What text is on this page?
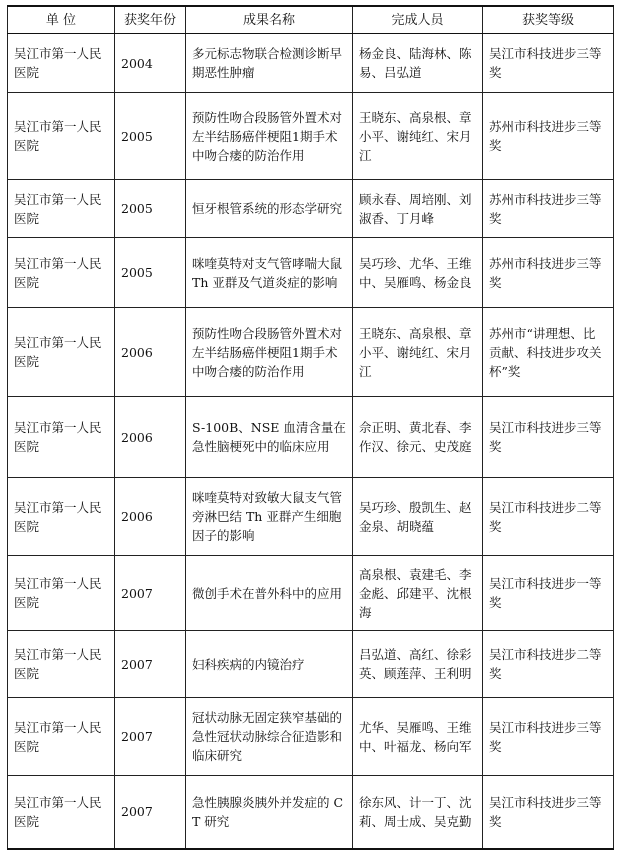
单 位	获奖年份	成果名称	完成人员	获奖等级
吴江市第一人民医院	2004	多元标志物联合检测诊断早期恶性肿瘤	杨金良、陆海林、陈易、吕弘道	吴江市科技进步三等奖
吴江市第一人民医院	2005	预防性吻合段肠管外置术对左半结肠癌伴梗阻1期手术中吻合瘘的防治作用	王晓东、高泉根、章小平、谢纯红、宋月江	苏州市科技进步三等奖
吴江市第一人民医院	2005	恒牙根管系统的形态学研究	顾永春、周培刚、刘淑香、丁月峰	苏州市科技进步三等奖
吴江市第一人民医院	2005	咪喹莫特对支气管哮喘大鼠 Th 亚群及气道炎症的影响	吴巧珍、尤华、王维中、吴雁鸣、杨金良	苏州市科技进步三等奖
吴江市第一人民医院	2006	预防性吻合段肠管外置术对左半结肠癌伴梗阻1期手术中吻合瘘的防治作用	王晓东、高泉根、章小平、谢纯红、宋月江	苏州市“讲理想、比贡献、科技进步攻关杯”奖
吴江市第一人民医院	2006	S-100B、NSE 血清含量在急性脑梗死中的临床应用	佘正明、黄北春、李作汉、徐元、史茂庭	吴江市科技进步三等奖
吴江市第一人民医院	2006	咪喹莫特对致敏大鼠支气管旁淋巴结 Th 亚群产生细胞因子的影响	吴巧珍、殷凯生、赵金泉、胡晓蕴	吴江市科技进步二等奖
吴江市第一人民医院	2007	微创手术在普外科中的应用	高泉根、袁建毛、李金彪、邱建平、沈根海	吴江市科技进步一等奖
吴江市第一人民医院	2007	妇科疾病的内镜治疗	吕弘道、高红、徐彩英、顾莲萍、王利明	吴江市科技进步二等奖
吴江市第一人民医院	2007	冠状动脉无固定狭窄基础的急性冠状动脉综合征造影和临床研究	尤华、吴雁鸣、王维中、叶福龙、杨向军	吴江市科技进步三等奖
吴江市第一人民医院	2007	急性胰腺炎胰外并发症的 CT 研究	徐东风、计一丁、沈莉、周士成、吴克勤	吴江市科技进步三等奖
